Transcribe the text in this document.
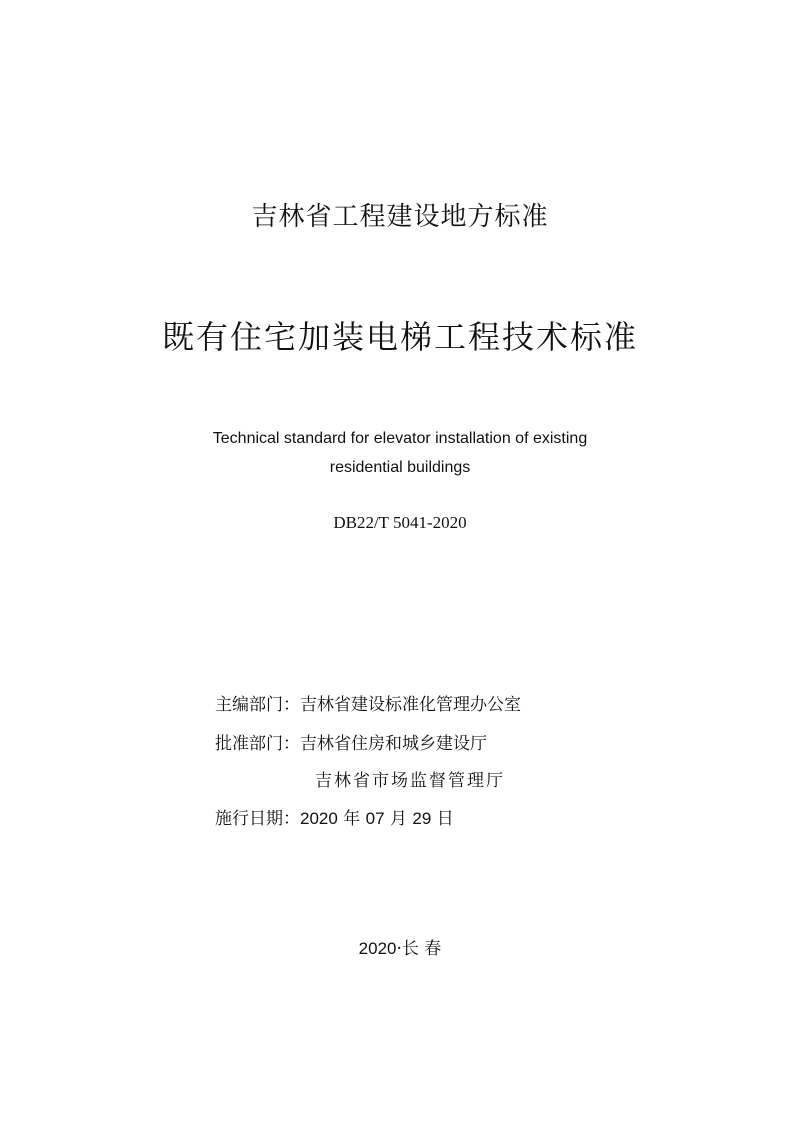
吉林省工程建设地方标准
既有住宅加装电梯工程技术标准
Technical standard for elevator installation of existing
residential buildings
DB22/T 5041-2020
主编部门：吉林省建设标准化管理办公室
批准部门：吉林省住房和城乡建设厅
吉林省市场监督管理厅
施行日期：2020 年 07 月 29 日
2020·长 春
